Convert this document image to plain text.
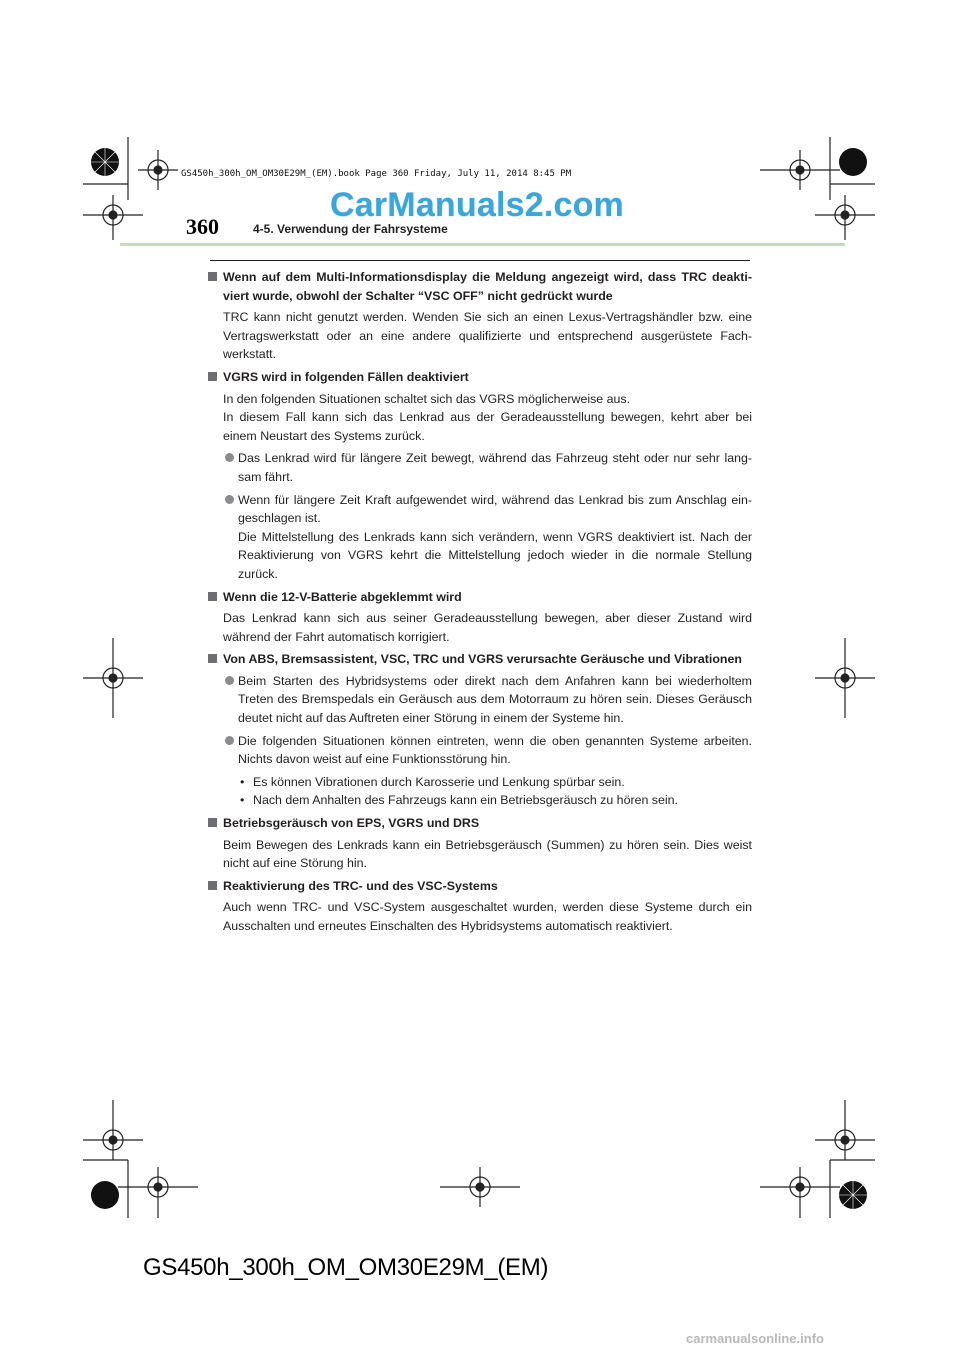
GS450h_300h_OM_OM30E29M_(EM).book Page 360 Friday, July 11, 2014 8:45 PM
CarManuals2.com
360	4-5. Verwendung der Fahrsysteme
Wenn auf dem Multi-Informationsdisplay die Meldung angezeigt wird, dass TRC deakti-viert wurde, obwohl der Schalter “VSC OFF” nicht gedrückt wurde
TRC kann nicht genutzt werden. Wenden Sie sich an einen Lexus-Vertragshändler bzw. eine Vertragswerkstatt oder an eine andere qualifizierte und entsprechend ausgerüstete Fach-werkstatt.
VGRS wird in folgenden Fällen deaktiviert
In den folgenden Situationen schaltet sich das VGRS möglicherweise aus.
In diesem Fall kann sich das Lenkrad aus der Geradeausstellung bewegen, kehrt aber bei einem Neustart des Systems zurück.
Das Lenkrad wird für längere Zeit bewegt, während das Fahrzeug steht oder nur sehr lang-sam fährt.
Wenn für längere Zeit Kraft aufgewendet wird, während das Lenkrad bis zum Anschlag ein-geschlagen ist.
Die Mittelstellung des Lenkrads kann sich verändern, wenn VGRS deaktiviert ist. Nach der Reaktivierung von VGRS kehrt die Mittelstellung jedoch wieder in die normale Stellung zurück.
Wenn die 12-V-Batterie abgeklemmt wird
Das Lenkrad kann sich aus seiner Geradeausstellung bewegen, aber dieser Zustand wird während der Fahrt automatisch korrigiert.
Von ABS, Bremsassistent, VSC, TRC und VGRS verursachte Geräusche und Vibrationen
Beim Starten des Hybridsystems oder direkt nach dem Anfahren kann bei wiederholtem Treten des Bremspedals ein Geräusch aus dem Motorraum zu hören sein. Dieses Geräusch deutet nicht auf das Auftreten einer Störung in einem der Systeme hin.
Die folgenden Situationen können eintreten, wenn die oben genannten Systeme arbeiten. Nichts davon weist auf eine Funktionsstörung hin.
• Es können Vibrationen durch Karosserie und Lenkung spürbar sein.
• Nach dem Anhalten des Fahrzeugs kann ein Betriebsgeräusch zu hören sein.
Betriebsgeräusch von EPS, VGRS und DRS
Beim Bewegen des Lenkrads kann ein Betriebsgeräusch (Summen) zu hören sein. Dies weist nicht auf eine Störung hin.
Reaktivierung des TRC- und des VSC-Systems
Auch wenn TRC- und VSC-System ausgeschaltet wurden, werden diese Systeme durch ein Ausschalten und erneutes Einschalten des Hybridsystems automatisch reaktiviert.
GS450h_300h_OM_OM30E29M_(EM)
carmanualsonline.info
